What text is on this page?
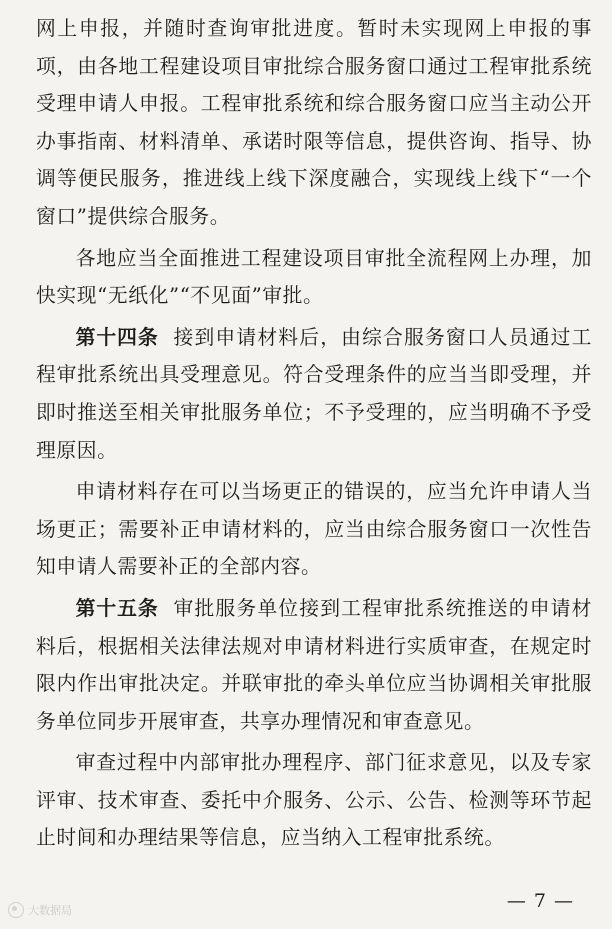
网上申报，并随时查询审批进度。暂时未实现网上申报的事项，由各地工程建设项目审批综合服务窗口通过工程审批系统受理申请人申报。工程审批系统和综合服务窗口应当主动公开办事指南、材料清单、承诺时限等信息，提供咨询、指导、协调等便民服务，推进线上线下深度融合，实现线上线下“一个窗口”提供综合服务。

各地应当全面推进工程建设项目审批全流程网上办理，加快实现“无纸化”“不见面”审批。

第十四条 接到申请材料后，由综合服务窗口人员通过工程审批系统出具受理意见。符合受理条件的应当当即受理，并即时推送至相关审批服务单位；不予受理的，应当明确不予受理原因。

申请材料存在可以当场更正的错误的，应当允许申请人当场更正；需要补正申请材料的，应当由综合服务窗口一次性告知申请人需要补正的全部内容。

第十五条 审批服务单位接到工程审批系统推送的申请材料后，根据相关法律法规对申请材料进行实质审查，在规定时限内作出审批决定。并联审批的牵头单位应当协调相关审批服务单位同步开展审查，共享办理情况和审查意见。

审查过程中内部审批办理程序、部门征求意见，以及专家评审、技术审查、委托中介服务、公示、公告、检测等环节起止时间和办理结果等信息，应当纳入工程审批系统。

大数据局	— 7 —
